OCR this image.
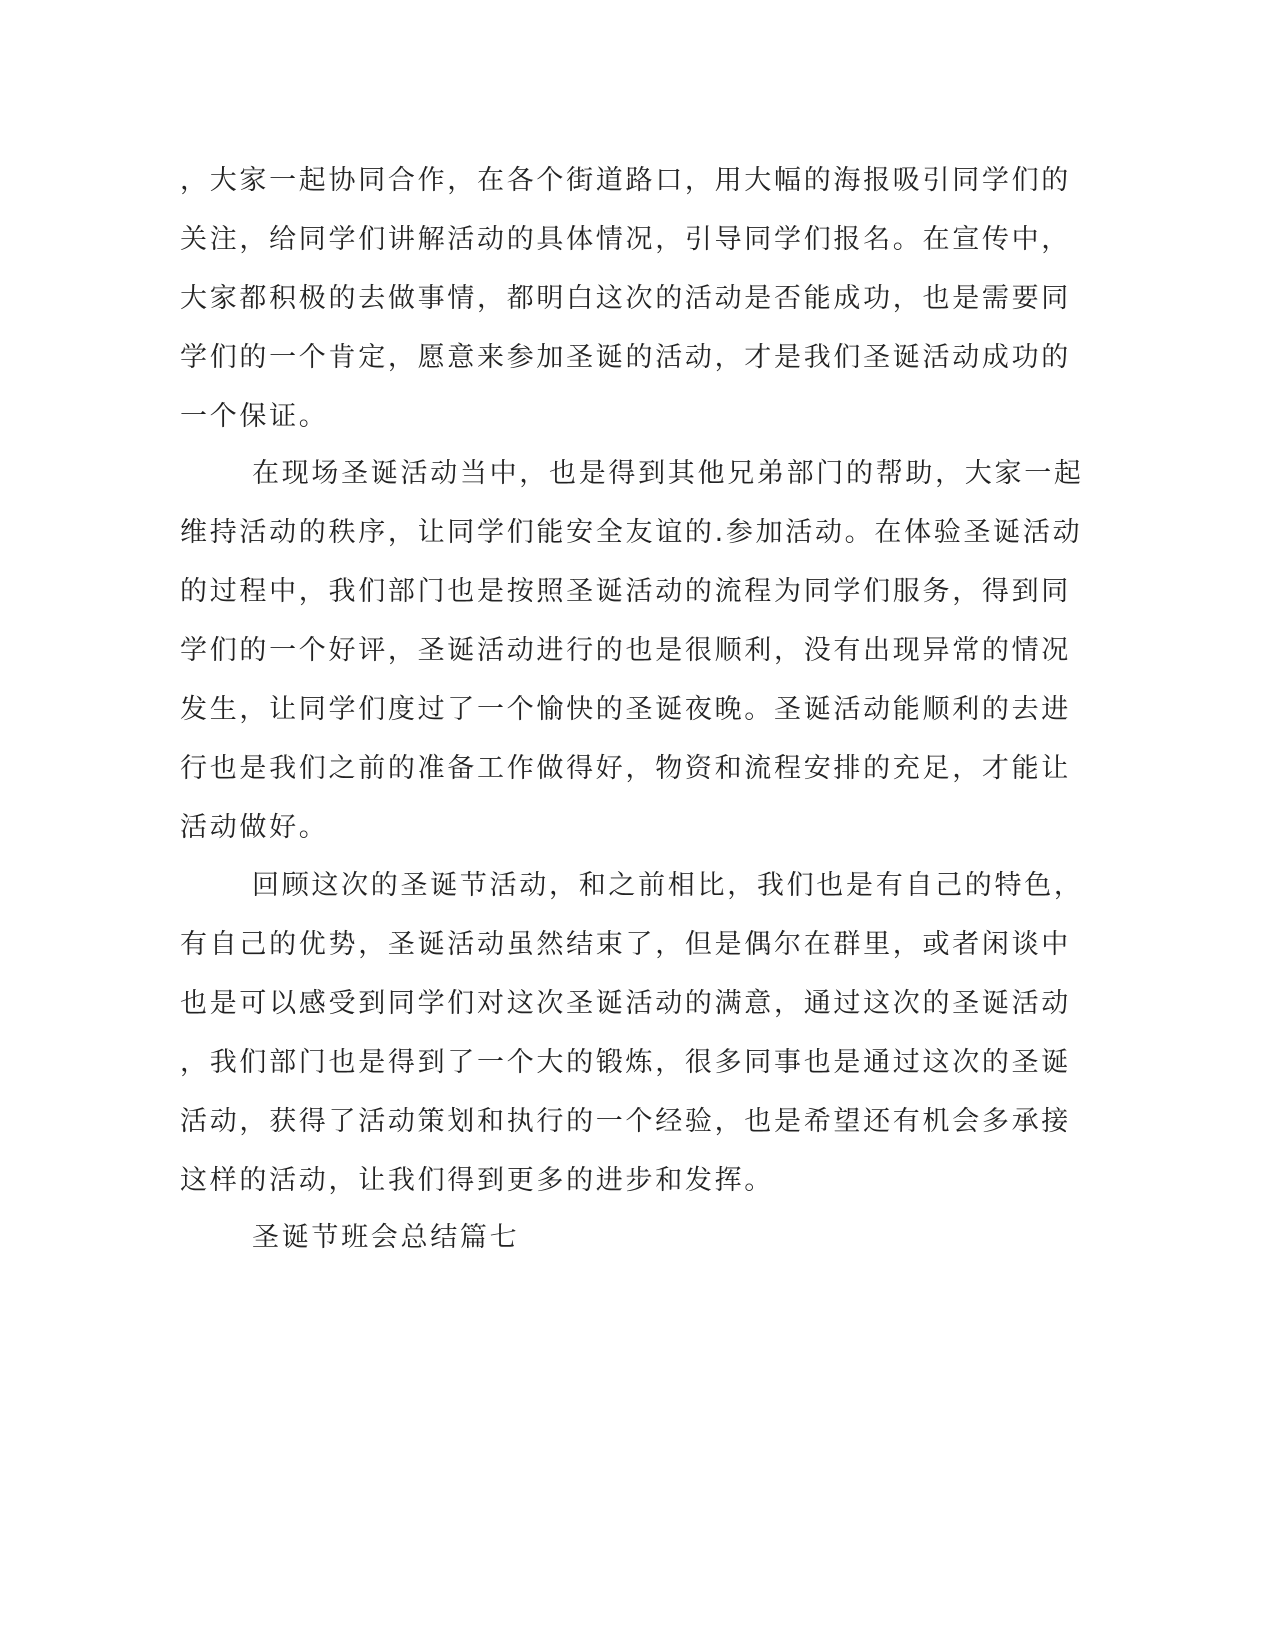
，大家一起协同合作，在各个街道路口，用大幅的海报吸引同学们的
关注，给同学们讲解活动的具体情况，引导同学们报名。在宣传中，
大家都积极的去做事情，都明白这次的活动是否能成功，也是需要同
学们的一个肯定，愿意来参加圣诞的活动，才是我们圣诞活动成功的
一个保证。
在现场圣诞活动当中，也是得到其他兄弟部门的帮助，大家一起
维持活动的秩序，让同学们能安全友谊的.参加活动。在体验圣诞活动
的过程中，我们部门也是按照圣诞活动的流程为同学们服务，得到同
学们的一个好评，圣诞活动进行的也是很顺利，没有出现异常的情况
发生，让同学们度过了一个愉快的圣诞夜晚。圣诞活动能顺利的去进
行也是我们之前的准备工作做得好，物资和流程安排的充足，才能让
活动做好。
回顾这次的圣诞节活动，和之前相比，我们也是有自己的特色，
有自己的优势，圣诞活动虽然结束了，但是偶尔在群里，或者闲谈中
也是可以感受到同学们对这次圣诞活动的满意，通过这次的圣诞活动
，我们部门也是得到了一个大的锻炼，很多同事也是通过这次的圣诞
活动，获得了活动策划和执行的一个经验，也是希望还有机会多承接
这样的活动，让我们得到更多的进步和发挥。
圣诞节班会总结篇七
